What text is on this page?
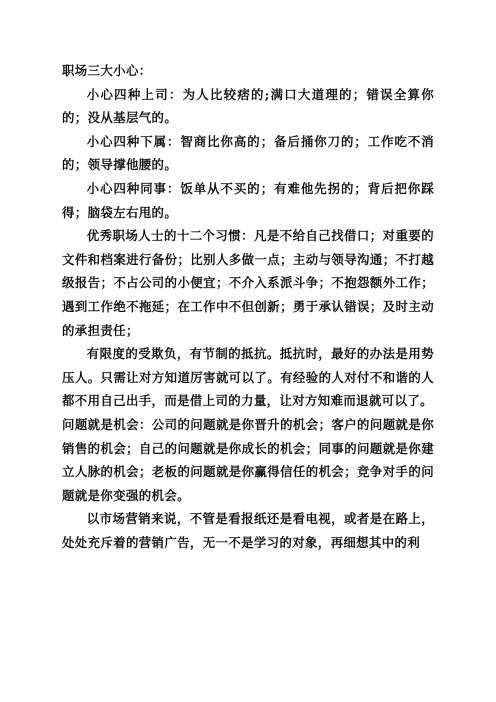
职场三大小心：

小心四种上司：为人比较痞的;满口大道理的；错误全算你的；没从基层气的。

小心四种下属：智商比你高的；备后捅你刀的；工作吃不消的；领导撑他腰的。

小心四种同事：饭单从不买的；有难他先拐的；背后把你踩得；脑袋左右甩的。

优秀职场人士的十二个习惯：凡是不给自己找借口；对重要的文件和档案进行备份；比别人多做一点；主动与领导沟通；不打越级报告；不占公司的小便宜；不介入系派斗争；不抱怨额外工作；遇到工作绝不拖延；在工作中不但创新；勇于承认错误；及时主动的承担责任；

有限度的受欺负，有节制的抵抗。抵抗时，最好的办法是用势压人。只需让对方知道厉害就可以了。有经验的人对付不和谐的人都不用自己出手，而是借上司的力量，让对方知难而退就可以了。

问题就是机会：公司的问题就是你晋升的机会；客户的问题就是你销售的机会；自己的问题就是你成长的机会；同事的问题就是你建立人脉的机会；老板的问题就是你赢得信任的机会；竞争对手的问题就是你变强的机会。

以市场营销来说，不管是看报纸还是看电视，或者是在路上，处处充斥着的营销广告，无一不是学习的对象，再细想其中的利
